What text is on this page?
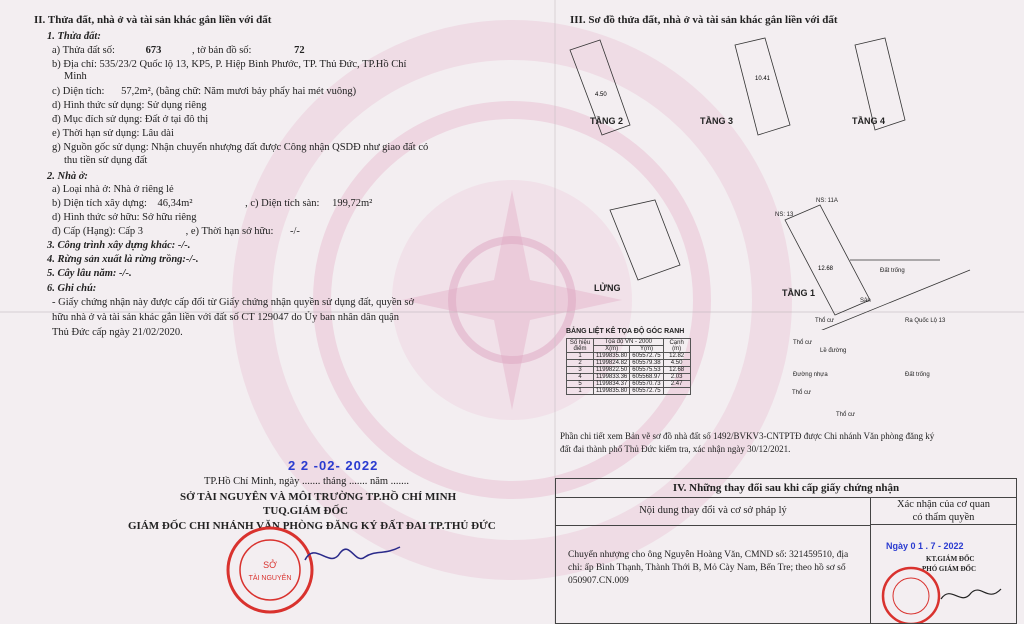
II. Thửa đất, nhà ở và tài sản khác gắn liền với đất
1. Thửa đất:
a) Thửa đất số:	673	, tờ bản đồ số:	72
b) Địa chỉ: 535/23/2 Quốc lộ 13, KP5, P. Hiệp Bình Phước, TP. Thủ Đức, TP.Hồ Chí
Minh
c) Diện tích: 57,2m², (bằng chữ: Năm mươi bảy phẩy hai mét vuông)
d) Hình thức sử dụng: Sử dụng riêng
đ) Mục đích sử dụng: Đất ở tại đô thị
e) Thời hạn sử dụng: Lâu dài
g) Nguồn gốc sử dụng: Nhận chuyển nhượng đất được Công nhận QSDĐ như giao đất có
thu tiền sử dụng đất
2. Nhà ở:
a) Loại nhà ở: Nhà ở riêng lẻ
b) Diện tích xây dựng: 46,34m²	, c) Diện tích sàn: 199,72m²
d) Hình thức sở hữu: Sở hữu riêng
đ) Cấp (Hạng): Cấp 3	, e) Thời hạn sở hữu: -/-
3. Công trình xây dựng khác: -/-.
4. Rừng sản xuất là rừng trồng:-/-.
5. Cây lâu năm: -/-.
6. Ghi chú:
- Giấy chứng nhận này được cấp đổi từ Giấy chứng nhận quyền sử dụng đất, quyền sở
hữu nhà ở và tài sản khác gắn liền với đất số CT 129047 do Ủy ban nhân dân quận
Thủ Đức cấp ngày 21/02/2020.
TP.Hồ Chí Minh, ngày ....... tháng ....... năm .......
2 2 -02- 2022
SỞ TÀI NGUYÊN VÀ MÔI TRƯỜNG TP.HỒ CHÍ MINH
TUQ.GIÁM ĐỐC
GIÁM ĐỐC CHI NHÁNH VĂN PHÒNG ĐĂNG KÝ ĐẤT ĐAI TP.THỦ ĐỨC
SỞ
TÀI NGUYÊN
III. Sơ đồ thửa đất, nhà ở và tài sản khác gắn liền với đất
4.50
10.41
12.68
TẦNG 2	TẦNG 3	TẦNG 4
LỬNG	TẦNG 1
NS: 13
NS: 11A
Đất trống
Đất trống
Thổ cư
Thổ cư
Thổ cư
Thổ cư
Sân
Ra Quốc Lộ 13
Lề đường
Đường nhựa
BẢNG LIỆT KÊ TỌA ĐỘ GÓC RANH
Số hiệu điểm	Tọa độ VN - 2000		Cạnh (m)
	X(m)	Y(m)	
1	1199835.80	605572.75	12.82
2	1199824.82	605579.38	4.50
3	1199822.50	605575.53	12.68
4	1199833.36	605568.97	2.03
5	1199834.37	605570.73	2.47
1	1199835.80	605572.75	
Phần chi tiết xem Bản vẽ sơ đồ nhà đất số 1492/BVKV3-CNTPTĐ được Chi nhánh Văn phòng đăng ký
đất đai thành phố Thủ Đức kiểm tra, xác nhận ngày 30/12/2021.
IV. Những thay đổi sau khi cấp giấy chứng nhận
Nội dung thay đổi và cơ sở pháp lý
Xác nhận của cơ quan
có thẩm quyền
Chuyển nhượng cho ông Nguyễn Hoàng Văn, CMND số: 321459510, địa
chỉ: ấp Bình Thạnh, Thành Thới B, Mỏ Cày Nam, Bến Tre; theo hồ sơ số
050907.CN.009
Ngày 0 1 . 7 - 2022
KT.GIÁM ĐỐC
PHÓ GIÁM ĐỐC
